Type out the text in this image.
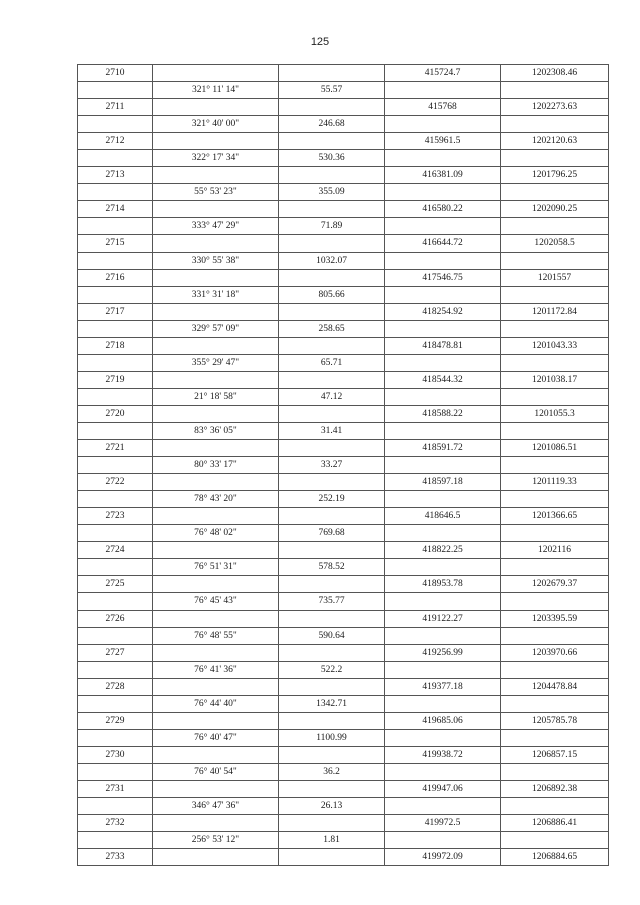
125
2710			415724.7	1202308.46
	321° 11' 14"	55.57		
2711			415768	1202273.63
	321° 40' 00"	246.68		
2712			415961.5	1202120.63
	322° 17' 34"	530.36		
2713			416381.09	1201796.25
	55° 53' 23"	355.09		
2714			416580.22	1202090.25
	333° 47' 29"	71.89		
2715			416644.72	1202058.5
	330° 55' 38"	1032.07		
2716			417546.75	1201557
	331° 31' 18"	805.66		
2717			418254.92	1201172.84
	329° 57' 09"	258.65		
2718			418478.81	1201043.33
	355° 29' 47"	65.71		
2719			418544.32	1201038.17
	21° 18' 58"	47.12		
2720			418588.22	1201055.3
	83° 36' 05"	31.41		
2721			418591.72	1201086.51
	80° 33' 17"	33.27		
2722			418597.18	1201119.33
	78° 43' 20"	252.19		
2723			418646.5	1201366.65
	76° 48' 02"	769.68		
2724			418822.25	1202116
	76° 51' 31"	578.52		
2725			418953.78	1202679.37
	76° 45' 43"	735.77		
2726			419122.27	1203395.59
	76° 48' 55"	590.64		
2727			419256.99	1203970.66
	76° 41' 36"	522.2		
2728			419377.18	1204478.84
	76° 44' 40"	1342.71		
2729			419685.06	1205785.78
	76° 40' 47"	1100.99		
2730			419938.72	1206857.15
	76° 40' 54"	36.2		
2731			419947.06	1206892.38
	346° 47' 36"	26.13		
2732			419972.5	1206886.41
	256° 53' 12"	1.81		
2733			419972.09	1206884.65
